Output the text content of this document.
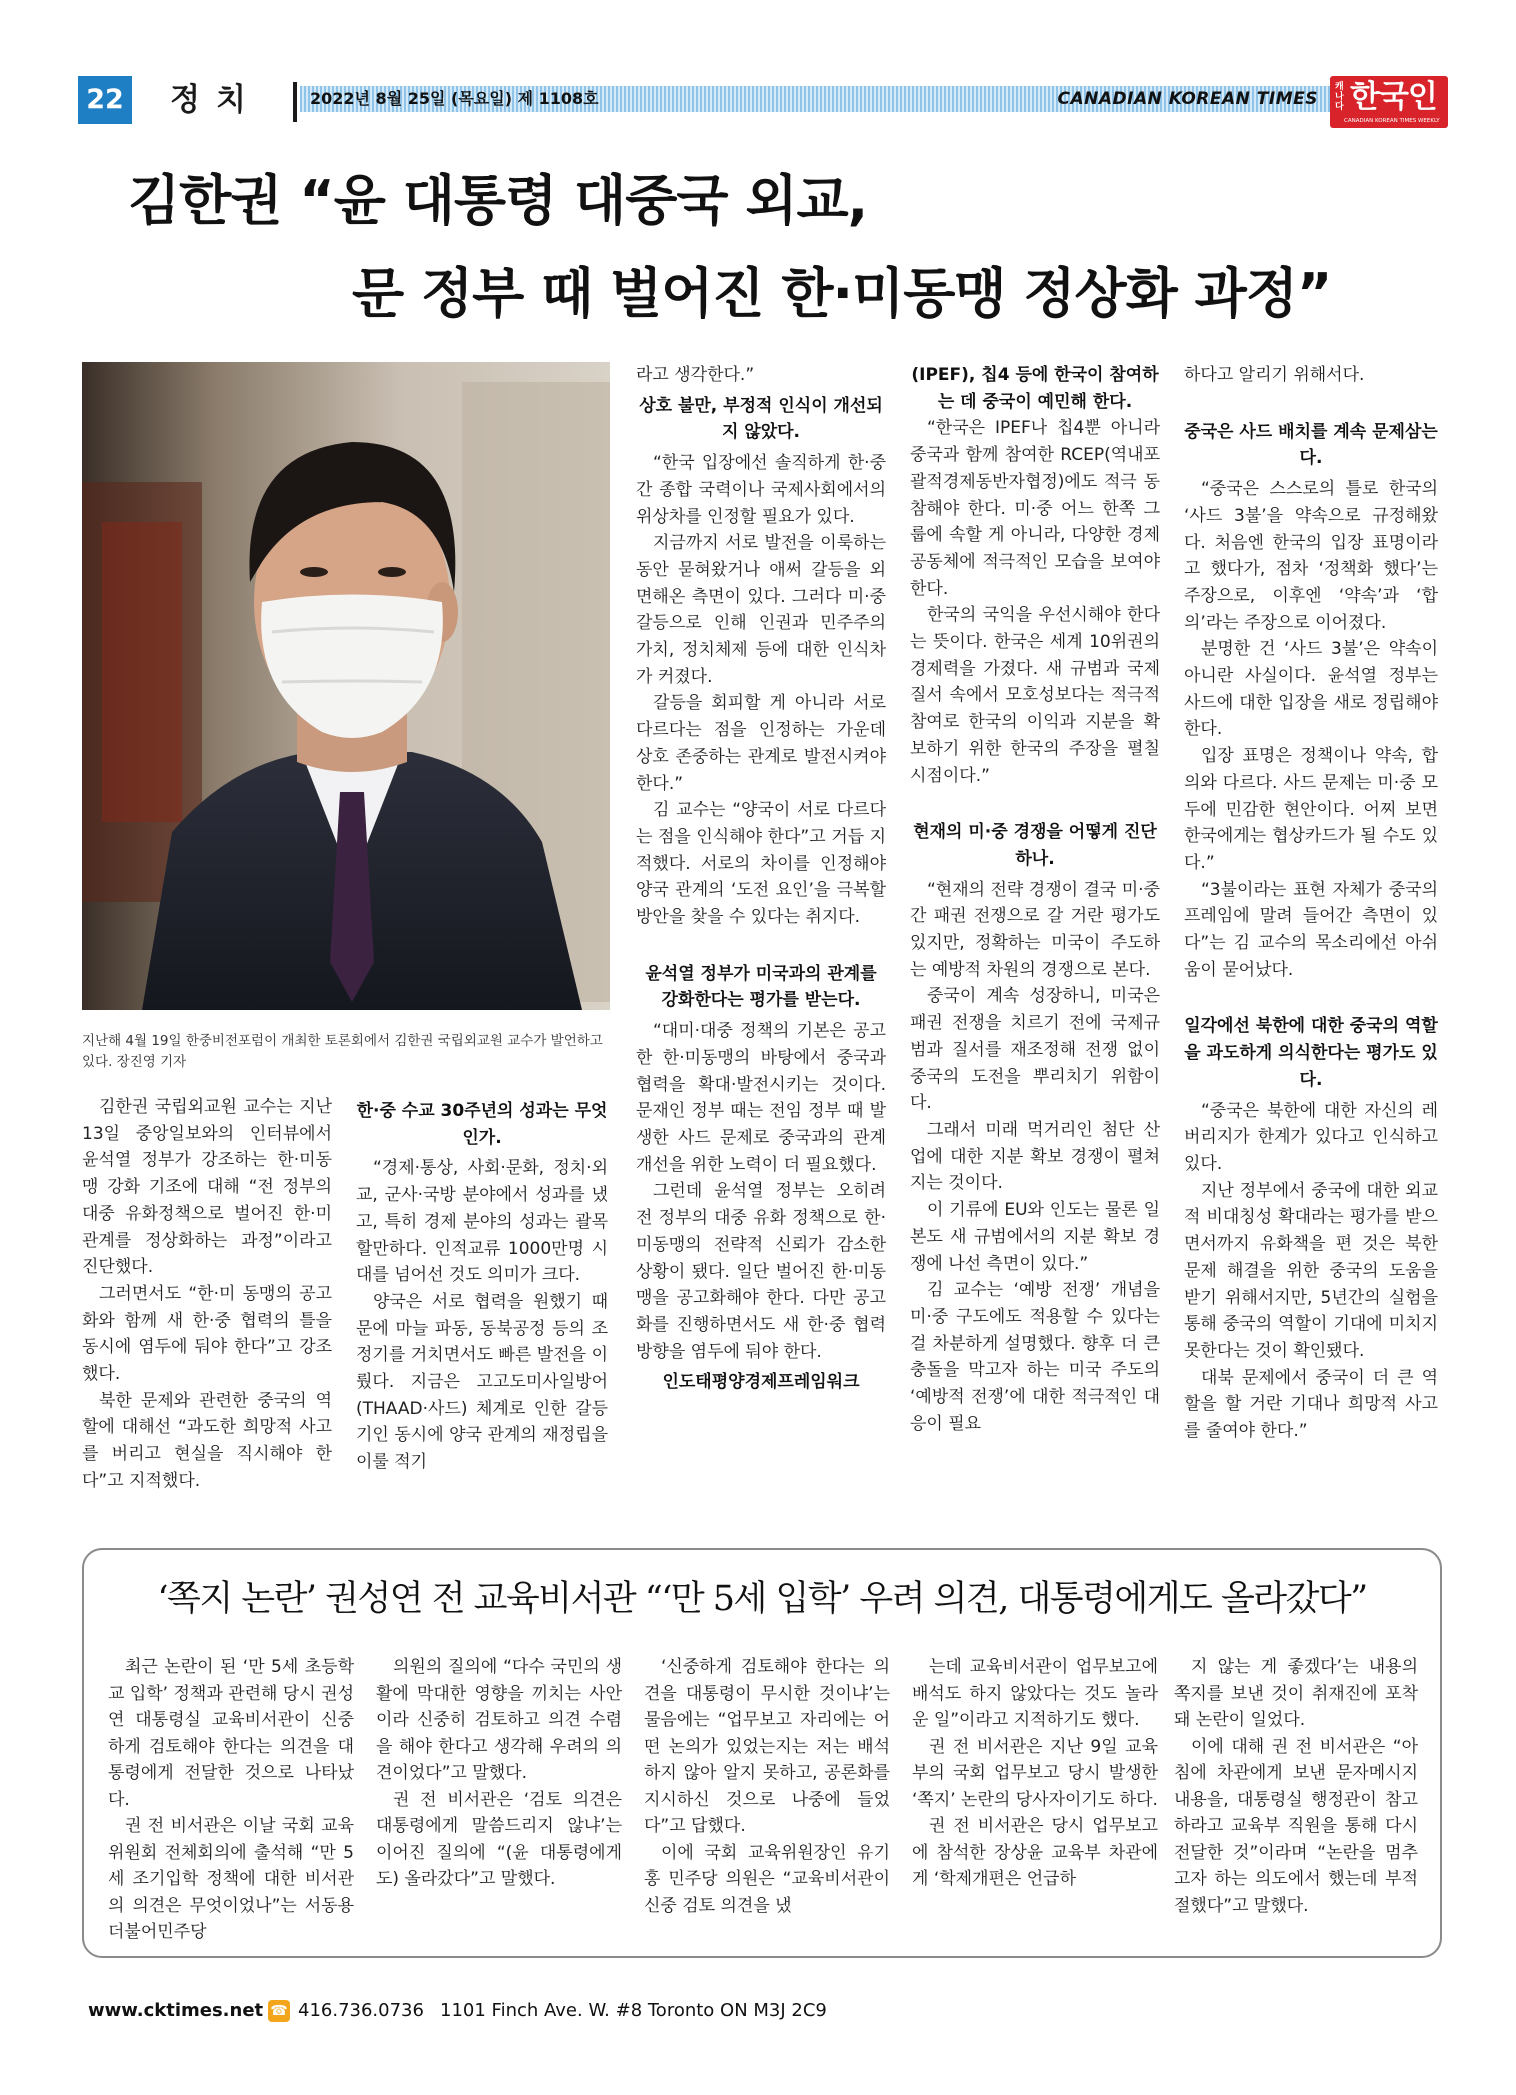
22 정치	2022년 8월 25일 (목요일) 제 1108호	CANADIAN KOREAN TIMES
캐나다 한국인
CANADIAN KOREAN TIMES WEEKLY
김한권 “윤 대통령 대중국 외교,
문 정부 때 벌어진 한·미동맹 정상화 과정”
지난해 4월 19일 한중비전포럼이 개최한 토론회에서 김한권 국립외교원 교수가 발언하고 있다. 장진영 기자

김한권 국립외교원 교수는 지난 13일 중앙일보와의 인터뷰에서 윤석열 정부가 강조하는 한·미동맹 강화 기조에 대해 “전 정부의 대중 유화정책으로 벌어진 한·미 관계를 정상화하는 과정”이라고 진단했다.

그러면서도 “한·미 동맹의 공고화와 함께 새 한·중 협력의 틀을 동시에 염두에 둬야 한다”고 강조했다.

북한 문제와 관련한 중국의 역할에 대해선 “과도한 희망적 사고를 버리고 현실을 직시해야 한다”고 지적했다.

한·중 수교 30주년의 성과는 무엇인가.

“경제·통상, 사회·문화, 정치·외교, 군사·국방 분야에서 성과를 냈고, 특히 경제 분야의 성과는 괄목할만하다. 인적교류 1000만명 시대를 넘어선 것도 의미가 크다.

양국은 서로 협력을 원했기 때문에 마늘 파동, 동북공정 등의 조정기를 거치면서도 빠른 발전을 이뤘다. 지금은 고고도미사일방어(THAAD·사드) 체계로 인한 갈등기인 동시에 양국 관계의 재정립을 이룰 적기

라고 생각한다.”
상호 불만, 부정적 인식이 개선되지 않았다.

“한국 입장에선 솔직하게 한·중 간 종합 국력이나 국제사회에서의 위상차를 인정할 필요가 있다.

지금까지 서로 발전을 이룩하는 동안 묻혀왔거나 애써 갈등을 외면해온 측면이 있다. 그러다 미·중 갈등으로 인해 인권과 민주주의 가치, 정치체제 등에 대한 인식차가 커졌다.

갈등을 회피할 게 아니라 서로 다르다는 점을 인정하는 가운데 상호 존중하는 관계로 발전시켜야 한다.”

김 교수는 “양국이 서로 다르다는 점을 인식해야 한다”고 거듭 지적했다. 서로의 차이를 인정해야 양국 관계의 ‘도전 요인’을 극복할 방안을 찾을 수 있다는 취지다.

윤석열 정부가 미국과의 관계를 강화한다는 평가를 받는다.

“대미·대중 정책의 기본은 공고한 한·미동맹의 바탕에서 중국과 협력을 확대·발전시키는 것이다. 문재인 정부 때는 전임 정부 때 발생한 사드 문제로 중국과의 관계 개선을 위한 노력이 더 필요했다.

그런데 윤석열 정부는 오히려 전 정부의 대중 유화 정책으로 한·미동맹의 전략적 신뢰가 감소한 상황이 됐다. 일단 벌어진 한·미동맹을 공고화해야 한다. 다만 공고화를 진행하면서도 새 한·중 협력 방향을 염두에 둬야 한다.

인도태평양경제프레임워크
(IPEF), 칩4 등에 한국이 참여하는 데 중국이 예민해 한다.

“한국은 IPEF나 칩4뿐 아니라 중국과 함께 참여한 RCEP(역내포괄적경제동반자협정)에도 적극 동참해야 한다. 미·중 어느 한쪽 그룹에 속할 게 아니라, 다양한 경제공동체에 적극적인 모습을 보여야 한다.

한국의 국익을 우선시해야 한다는 뜻이다. 한국은 세계 10위권의 경제력을 가졌다. 새 규범과 국제 질서 속에서 모호성보다는 적극적 참여로 한국의 이익과 지분을 확보하기 위한 한국의 주장을 펼칠 시점이다.”

현재의 미·중 경쟁을 어떻게 진단하나.

“현재의 전략 경쟁이 결국 미·중간 패권 전쟁으로 갈 거란 평가도 있지만, 정확하는 미국이 주도하는 예방적 차원의 경쟁으로 본다.

중국이 계속 성장하니, 미국은 패권 전쟁을 치르기 전에 국제규범과 질서를 재조정해 전쟁 없이 중국의 도전을 뿌리치기 위함이다.

그래서 미래 먹거리인 첨단 산업에 대한 지분 확보 경쟁이 펼쳐지는 것이다.

이 기류에 EU와 인도는 물론 일본도 새 규범에서의 지분 확보 경쟁에 나선 측면이 있다.”

김 교수는 ‘예방 전쟁’ 개념을 미·중 구도에도 적용할 수 있다는 걸 차분하게 설명했다. 향후 더 큰 충돌을 막고자 하는 미국 주도의 ‘예방적 전쟁’에 대한 적극적인 대응이 필요

하다고 알리기 위해서다.
중국은 사드 배치를 계속 문제삼는다.

“중국은 스스로의 틀로 한국의 ‘사드 3불’을 약속으로 규정해왔다. 처음엔 한국의 입장 표명이라고 했다가, 점차 ‘정책화 했다’는 주장으로, 이후엔 ‘약속’과 ‘합의’라는 주장으로 이어졌다.

분명한 건 ‘사드 3불’은 약속이 아니란 사실이다. 윤석열 정부는 사드에 대한 입장을 새로 정립해야 한다.

입장 표명은 정책이나 약속, 합의와 다르다. 사드 문제는 미·중 모두에 민감한 현안이다. 어찌 보면 한국에게는 협상카드가 될 수도 있다.”

“3불이라는 표현 자체가 중국의 프레임에 말려 들어간 측면이 있다”는 김 교수의 목소리에선 아쉬움이 묻어났다.

일각에선 북한에 대한 중국의 역할을 과도하게 의식한다는 평가도 있다.

“중국은 북한에 대한 자신의 레버리지가 한계가 있다고 인식하고 있다.

지난 정부에서 중국에 대한 외교적 비대칭성 확대라는 평가를 받으면서까지 유화책을 편 것은 북한 문제 해결을 위한 중국의 도움을 받기 위해서지만, 5년간의 실험을 통해 중국의 역할이 기대에 미치지 못한다는 것이 확인됐다.

대북 문제에서 중국이 더 큰 역할을 할 거란 기대나 희망적 사고를 줄여야 한다.”

‘쪽지 논란’ 권성연 전 교육비서관 “‘만 5세 입학’ 우려 의견, 대통령에게도 올라갔다”

최근 논란이 된 ‘만 5세 초등학교 입학’ 정책과 관련해 당시 권성연 대통령실 교육비서관이 신중하게 검토해야 한다는 의견을 대통령에게 전달한 것으로 나타났다.

권 전 비서관은 이날 국회 교육위원회 전체회의에 출석해 “만 5세 조기입학 정책에 대한 비서관의 의견은 무엇이었나”는 서동용 더불어민주당

의원의 질의에 “다수 국민의 생활에 막대한 영향을 끼치는 사안이라 신중히 검토하고 의견 수렴을 해야 한다고 생각해 우려의 의견이었다”고 말했다.

권 전 비서관은 ‘검토 의견은 대통령에게 말씀드리지 않냐’는 이어진 질의에 “(윤 대통령에게도) 올라갔다”고 말했다.

‘신중하게 검토해야 한다는 의견을 대통령이 무시한 것이냐’는 물음에는 “업무보고 자리에는 어떤 논의가 있었는지는 저는 배석하지 않아 알지 못하고, 공론화를 지시하신 것으로 나중에 들었다”고 답했다.

이에 국회 교육위원장인 유기홍 민주당 의원은 “교육비서관이 신중 검토 의견을 냈

는데 교육비서관이 업무보고에 배석도 하지 않았다는 것도 놀라운 일”이라고 지적하기도 했다.

권 전 비서관은 지난 9일 교육부의 국회 업무보고 당시 발생한 ‘쪽지’ 논란의 당사자이기도 하다.

권 전 비서관은 당시 업무보고에 참석한 장상윤 교육부 차관에게 ‘학제개편은 언급하

지 않는 게 좋겠다’는 내용의 쪽지를 보낸 것이 취재진에 포착돼 논란이 일었다.

이에 대해 권 전 비서관은 “아침에 차관에게 보낸 문자메시지 내용을, 대통령실 행정관이 참고하라고 교육부 직원을 통해 다시 전달한 것”이라며 “논란을 멈추고자 하는 의도에서 했는데 부적절했다”고 말했다.

www.cktimes.net ☎ 416.736.0736 1101 Finch Ave. W. #8 Toronto ON M3J 2C9
